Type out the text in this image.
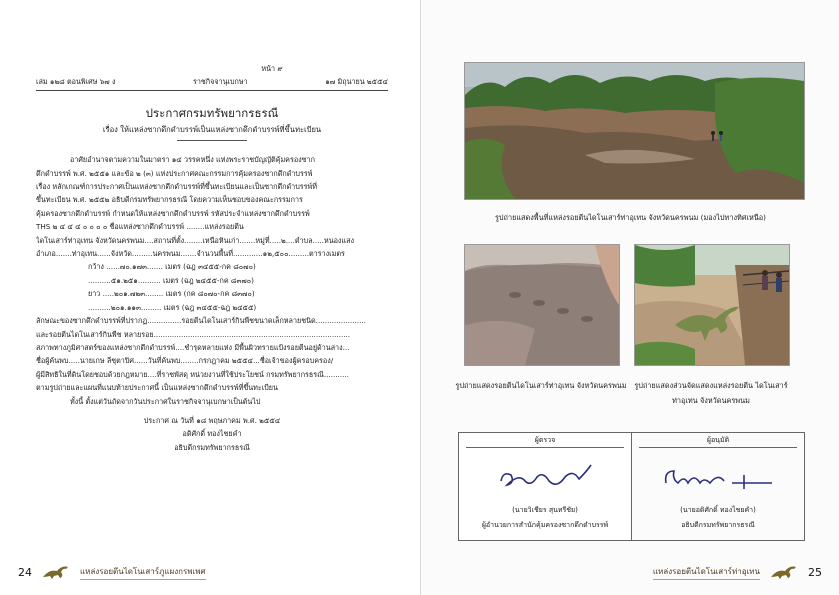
หน้า ๙
เล่ม ๑๒๘ ตอนพิเศษ ๖๗ ง	ราชกิจจานุเบกษา	๑๗ มิถุนายน ๒๕๕๔
ประกาศกรมทรัพยากรธรณี
เรื่อง ให้แหล่งซากดึกดำบรรพ์เป็นแหล่งซากดึกดำบรรพ์ที่ขึ้นทะเบียน
อาศัยอำนาจตามความในมาตรา ๑๔ วรรคหนึ่ง แห่งพระราชบัญญัติคุ้มครองซาก
ดึกดำบรรพ์ พ.ศ. ๒๕๕๑ และข้อ ๒ (๓) แห่งประกาศคณะกรรมการคุ้มครองซากดึกดำบรรพ์
เรื่อง หลักเกณฑ์การประกาศเป็นแหล่งซากดึกดำบรรพ์ที่ขึ้นทะเบียนและเป็นซากดึกดำบรรพ์ที่
ขึ้นทะเบียน พ.ศ. ๒๕๕๒ อธิบดีกรมทรัพยากรธรณี โดยความเห็นชอบของคณะกรรมการ
คุ้มครองซากดึกดำบรรพ์ กำหนดให้แหล่งซากดึกดำบรรพ์ รหัสประจำแหล่งซากดึกดำบรรพ์
THS ๒ ๔ ๔ ๔ ๐ ๐ ๐ ๐ ชื่อแหล่งซากดึกดำบรรพ์ ........แหล่งรอยตีน
ไดโนเสาร์ท่าอุเทน จังหวัดนครพนม....สถานที่ตั้ง........เหนือหินเก่า.......หมู่ที่.....๒....ตำบล.....หนองแสง
อำเภอ.......ท่าอุเทน......จังหวัด.........นครพนม.......จำนวนพื้นที่.............๑๒,๕๐๐.........ตารางเมตร
กว้าง ......๗๐.๑๗๓....... เมตร (ฉฎ ๓๔๕๕-กค ๘๐๗๐)
..........๕๑.๒๕๑.......... เมตร (ฉฎ ๒๔๕๕-กค ๘๓๗๐)
ยาว .....๒๐๑.๗๒๓........ เมตร (กค ๘๐๗๐-กค ๘๓๗๐)
..........๒๐๑.๑๑๓......... เมตร (ฉฎ ๓๔๕๕-ฉฎ ๒๔๕๕)
ลักษณะของซากดึกดำบรรพ์ที่ปรากฏ...............รอยตีนไดโนเสาร์กินพืชขนาดเล็กหลายชนิด......................
และรอยตีนไดโนเสาร์กินพืช หลายรอย......................................................................................
สภาพทางภูมิศาสตร์ของแหล่งซากดึกดำบรรพ์....ชำรุดหลายแห่ง มีพื้นผิวทรายแป้งรอยตีนอยู่ด้านล่าง...
ชื่อผู้ค้นพบ.....นายเกษ ลีชุตาปิศ......วันที่ค้นพบ........กรกฎาคม ๒๕๕๔...ชื่อเจ้าของผู้ครอบครอง/
ผู้มีสิทธิในที่ดินโดยชอบด้วยกฎหมาย....ที่ราชพัสดุ หน่วยงานที่ใช้ประโยชน์ กรมทรัพยากรธรณี...........
ตามรูปถ่ายและแผนที่แนบท้ายประกาศนี้ เป็นแหล่งซากดึกดำบรรพ์ที่ขึ้นทะเบียน
ทั้งนี้ ตั้งแต่วันถัดจากวันประกาศในราชกิจจานุเบกษาเป็นต้นไป
ประกาศ ณ วันที่ ๑๘ พฤษภาคม พ.ศ. ๒๕๕๔
อดิศักดิ์ ทองไชยคำ
อธิบดีกรมทรัพยากรธรณี
24	แหล่งรอยตีนไดโนเสาร์ภูแผงกรพเพศ
รูปถ่ายแสดงพื้นที่แหล่งรอยตีนไดโนเสาร์ท่าอุเทน จังหวัดนครพนม (มองไปทางทิศเหนือ)
รูปถ่ายแสดงรอยตีนไดโนเสาร์ท่าอุเทน จังหวัดนครพนม	รูปถ่ายแสดงส่วนจัดแสดงแหล่งรอยตีน ไดโนเสาร์ท่าอุเทน จังหวัดนครพนม
แหล่งรอยตีนไดโนเสาร์ท่าอุเทน	25
ผู้ตรวจ
(นายวิเชียร สุนทรีชัย)
ผู้อำนวยการสำนักคุ้มครองซากดึกดำบรรพ์
ผู้อนุมัติ
(นายอดิศักดิ์ ทองไชยคำ)
อธิบดีกรมทรัพยากรธรณี
